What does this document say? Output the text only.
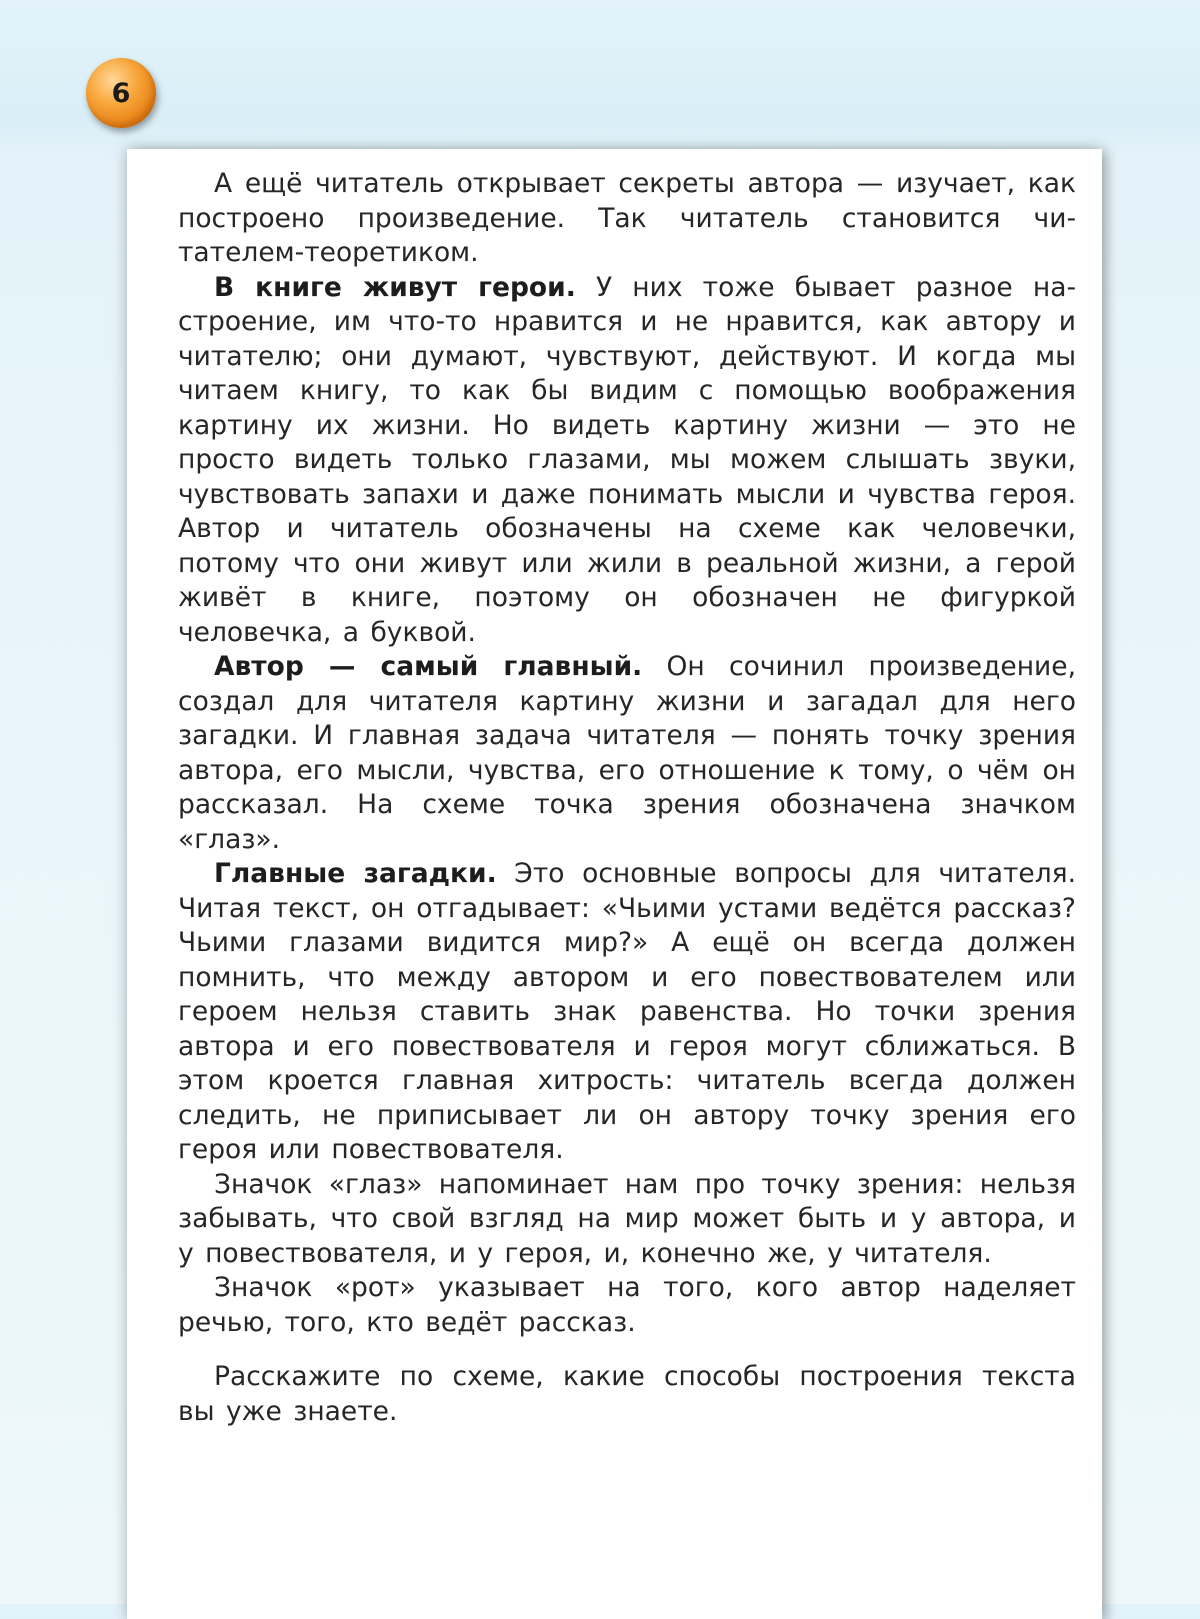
6

А ещё читатель открывает секреты автора — изучает, как построено произведение. Так читатель становится читателем-теоретиком.

В книге живут герои. У них тоже бывает разное настроение, им что-то нравится и не нравится, как автору и читателю; они думают, чувствуют, действуют. И когда мы читаем книгу, то как бы видим с помощью воображения картину их жизни. Но видеть картину жизни — это не просто видеть только глазами, мы можем слышать звуки, чувствовать запахи и даже понимать мысли и чувства героя. Автор и читатель обозначены на схеме как человечки, потому что они живут или жили в реальной жизни, а герой живёт в книге, поэтому он обозначен не фигуркой человечка, а буквой.

Автор — самый главный. Он сочинил произведение, создал для читателя картину жизни и загадал для него загадки. И главная задача читателя — понять точку зрения автора, его мысли, чувства, его отношение к тому, о чём он рассказал. На схеме точка зрения обозначена значком «глаз».

Главные загадки. Это основные вопросы для читателя. Читая текст, он отгадывает: «Чьими устами ведётся рассказ? Чьими глазами видится мир?» А ещё он всегда должен помнить, что между автором и его повествователем или героем нельзя ставить знак равенства. Но точки зрения автора и его повествователя и героя могут сближаться. В этом кроется главная хитрость: читатель всегда должен следить, не приписывает ли он автору точку зрения его героя или повествователя.

Значок «глаз» напоминает нам про точку зрения: нельзя забывать, что свой взгляд на мир может быть и у автора, и у повествователя, и у героя, и, конечно же, у читателя.

Значок «рот» указывает на того, кого автор наделяет речью, того, кто ведёт рассказ.

Расскажите по схеме, какие способы построения текста вы уже знаете.
